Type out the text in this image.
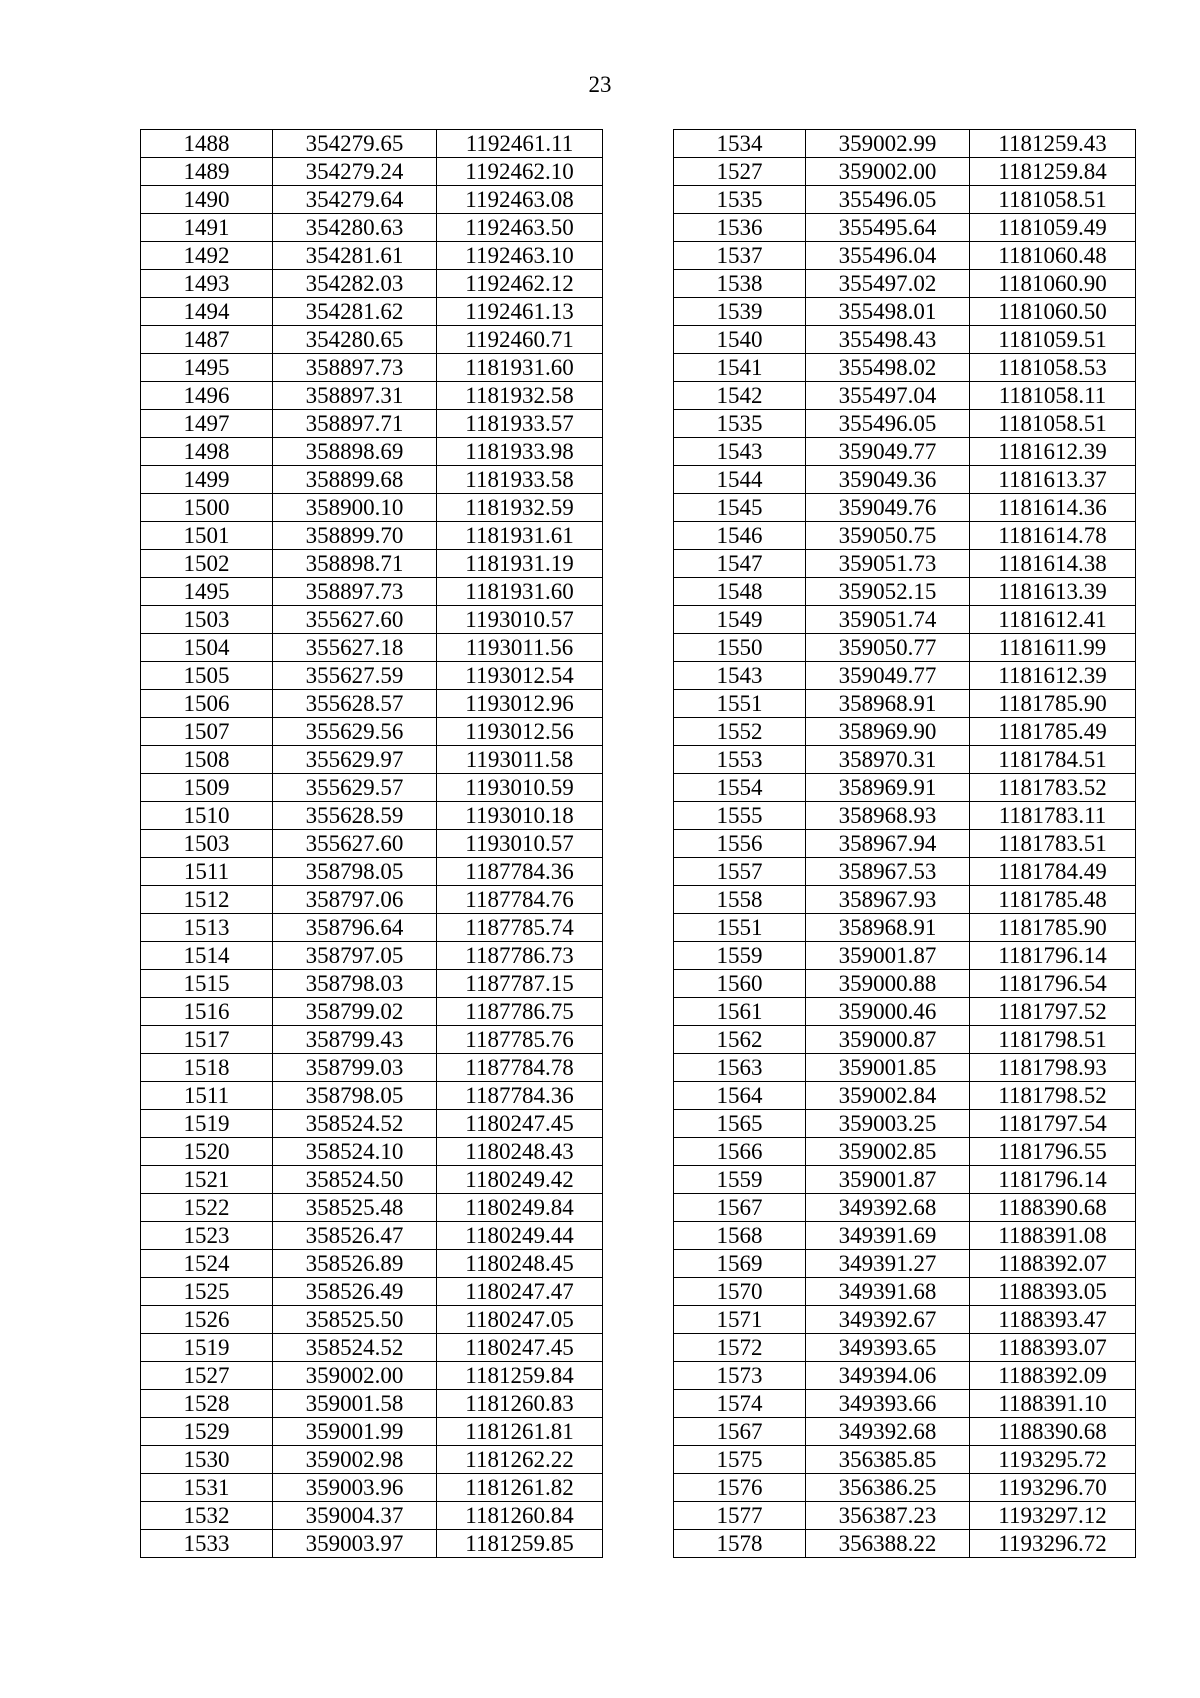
23
1488	354279.65	1192461.11
1489	354279.24	1192462.10
1490	354279.64	1192463.08
1491	354280.63	1192463.50
1492	354281.61	1192463.10
1493	354282.03	1192462.12
1494	354281.62	1192461.13
1487	354280.65	1192460.71
1495	358897.73	1181931.60
1496	358897.31	1181932.58
1497	358897.71	1181933.57
1498	358898.69	1181933.98
1499	358899.68	1181933.58
1500	358900.10	1181932.59
1501	358899.70	1181931.61
1502	358898.71	1181931.19
1495	358897.73	1181931.60
1503	355627.60	1193010.57
1504	355627.18	1193011.56
1505	355627.59	1193012.54
1506	355628.57	1193012.96
1507	355629.56	1193012.56
1508	355629.97	1193011.58
1509	355629.57	1193010.59
1510	355628.59	1193010.18
1503	355627.60	1193010.57
1511	358798.05	1187784.36
1512	358797.06	1187784.76
1513	358796.64	1187785.74
1514	358797.05	1187786.73
1515	358798.03	1187787.15
1516	358799.02	1187786.75
1517	358799.43	1187785.76
1518	358799.03	1187784.78
1511	358798.05	1187784.36
1519	358524.52	1180247.45
1520	358524.10	1180248.43
1521	358524.50	1180249.42
1522	358525.48	1180249.84
1523	358526.47	1180249.44
1524	358526.89	1180248.45
1525	358526.49	1180247.47
1526	358525.50	1180247.05
1519	358524.52	1180247.45
1527	359002.00	1181259.84
1528	359001.58	1181260.83
1529	359001.99	1181261.81
1530	359002.98	1181262.22
1531	359003.96	1181261.82
1532	359004.37	1181260.84
1533	359003.97	1181259.85
1534	359002.99	1181259.43
1527	359002.00	1181259.84
1535	355496.05	1181058.51
1536	355495.64	1181059.49
1537	355496.04	1181060.48
1538	355497.02	1181060.90
1539	355498.01	1181060.50
1540	355498.43	1181059.51
1541	355498.02	1181058.53
1542	355497.04	1181058.11
1535	355496.05	1181058.51
1543	359049.77	1181612.39
1544	359049.36	1181613.37
1545	359049.76	1181614.36
1546	359050.75	1181614.78
1547	359051.73	1181614.38
1548	359052.15	1181613.39
1549	359051.74	1181612.41
1550	359050.77	1181611.99
1543	359049.77	1181612.39
1551	358968.91	1181785.90
1552	358969.90	1181785.49
1553	358970.31	1181784.51
1554	358969.91	1181783.52
1555	358968.93	1181783.11
1556	358967.94	1181783.51
1557	358967.53	1181784.49
1558	358967.93	1181785.48
1551	358968.91	1181785.90
1559	359001.87	1181796.14
1560	359000.88	1181796.54
1561	359000.46	1181797.52
1562	359000.87	1181798.51
1563	359001.85	1181798.93
1564	359002.84	1181798.52
1565	359003.25	1181797.54
1566	359002.85	1181796.55
1559	359001.87	1181796.14
1567	349392.68	1188390.68
1568	349391.69	1188391.08
1569	349391.27	1188392.07
1570	349391.68	1188393.05
1571	349392.67	1188393.47
1572	349393.65	1188393.07
1573	349394.06	1188392.09
1574	349393.66	1188391.10
1567	349392.68	1188390.68
1575	356385.85	1193295.72
1576	356386.25	1193296.70
1577	356387.23	1193297.12
1578	356388.22	1193296.72
